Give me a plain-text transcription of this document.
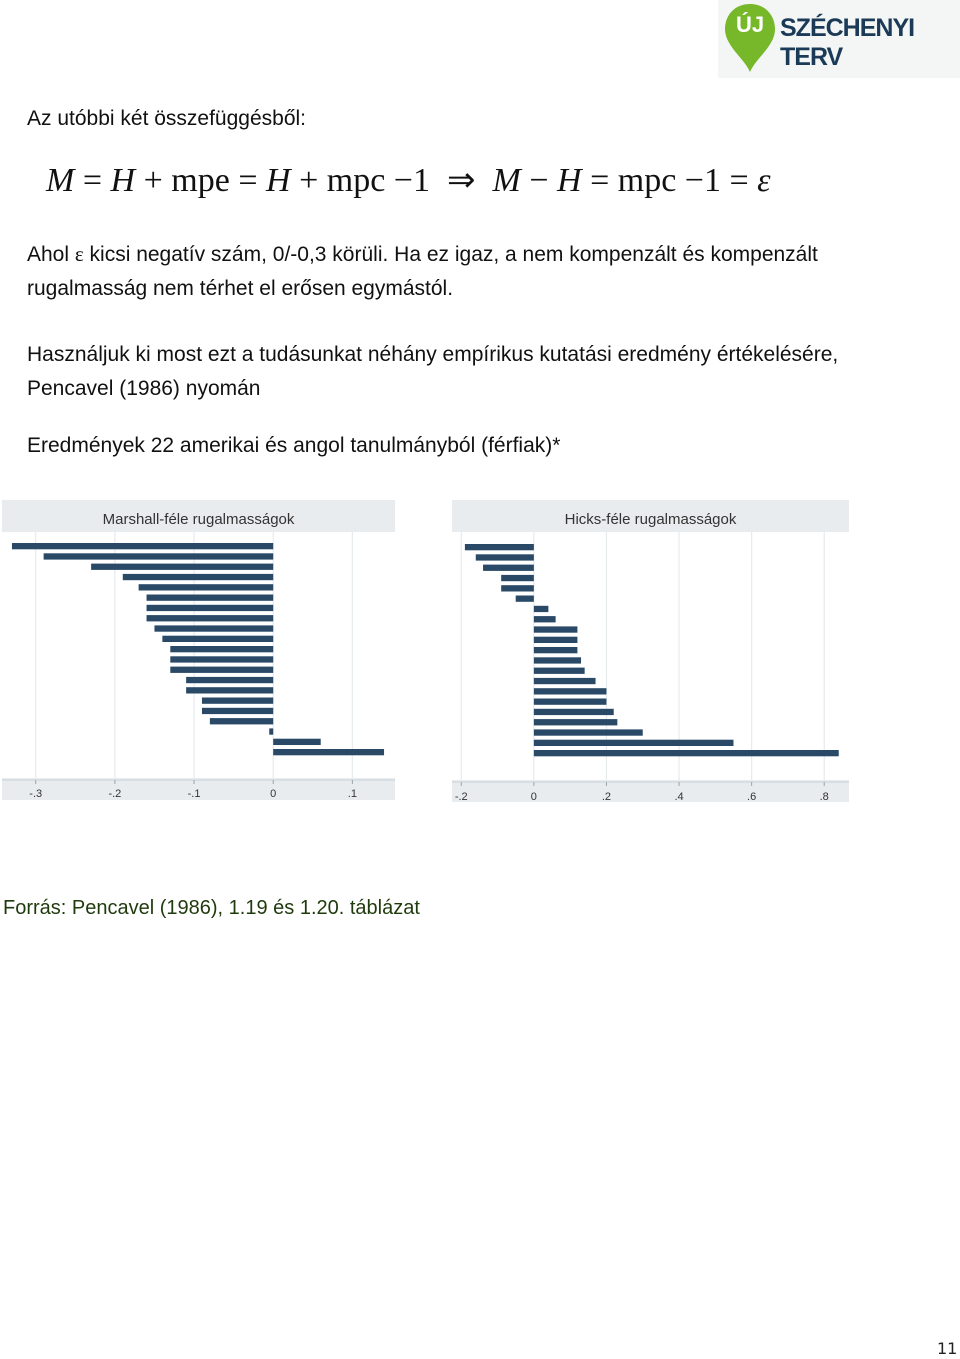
ÚJ SZÉCHENYI TERV
Az utóbbi két összefüggésből:
M = H + mpe = H + mpc −1 ⇒ M − H = mpc −1 = ε
Ahol ε kicsi negatív szám, 0/-0,3 körüli. Ha ez igaz, a nem kompenzált és kompenzált
rugalmasság nem térhet el erősen egymástól.
Használjuk ki most ezt a tudásunkat néhány empírikus kutatási eredmény értékelésére,
Pencavel (1986) nyomán
Eredmények 22 amerikai és angol tanulmányból (férfiak)*
Marshall-féle rugalmasságok
-.3	-.2	-.1	0	.1
Hicks-féle rugalmasságok
-.2	0	.2	.4	.6	.8
Forrás: Pencavel (1986), 1.19 és 1.20. táblázat
11
